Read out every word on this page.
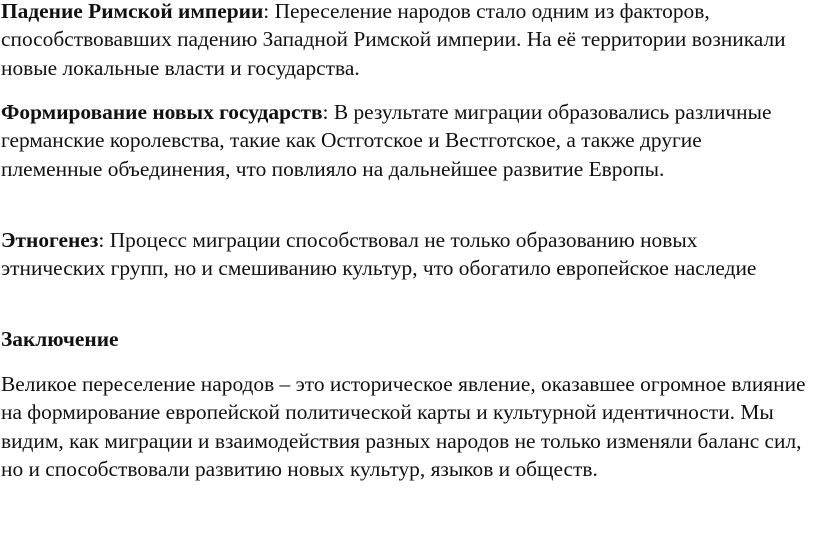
Падение Римской империи: Переселение народов стало одним из факторов, способствовавших падению Западной Римской империи. На её территории возникали новые локальные власти и государства.

Формирование новых государств: В результате миграции образовались различные германские королевства, такие как Остготское и Вестготское, а также другие племенные объединения, что повлияло на дальнейшее развитие Европы.

Этногенез: Процесс миграции способствовал не только образованию новых этнических групп, но и смешиванию культур, что обогатило европейское наследие

Заключение

Великое переселение народов – это историческое явление, оказавшее огромное влияние на формирование европейской политической карты и культурной идентичности. Мы видим, как миграции и взаимодействия разных народов не только изменяли баланс сил, но и способствовали развитию новых культур, языков и обществ.
